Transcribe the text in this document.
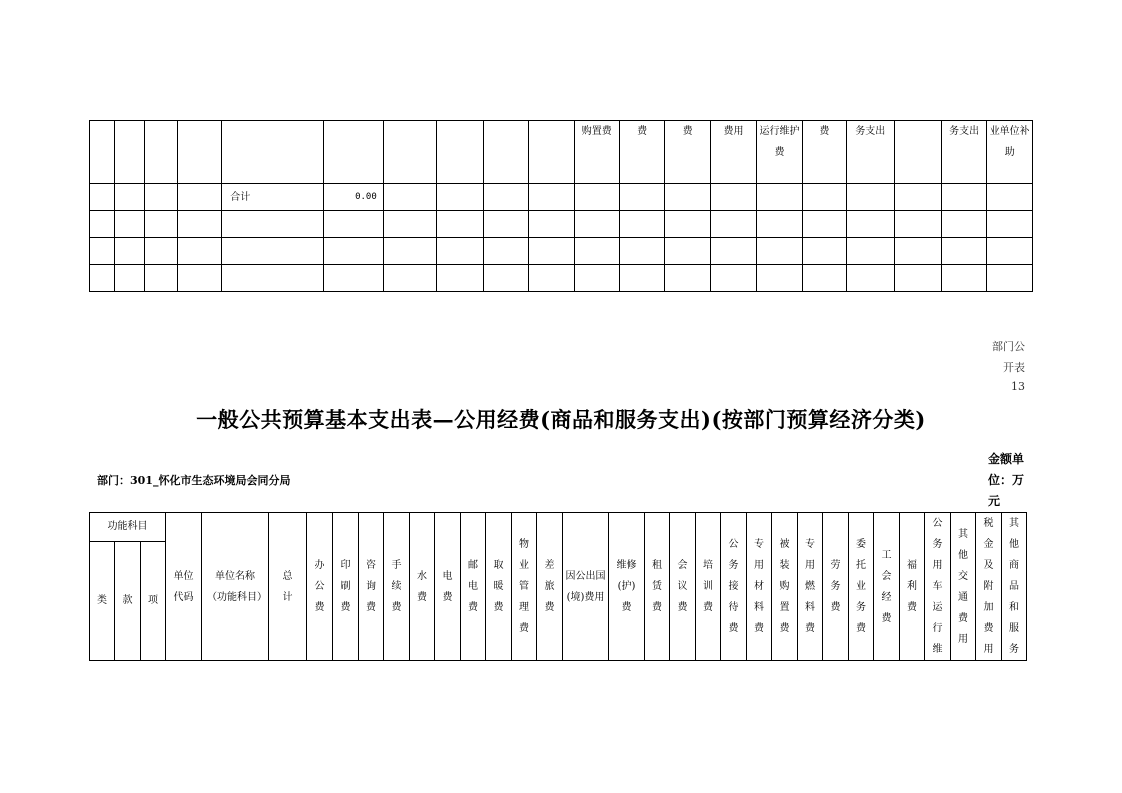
										购置费	费	费	费用	运行维护费	费	务支出		务支出	业单位补助
				合计	0.00														

部门公
开表
13
一般公共预算基本支出表—公用经费(商品和服务支出)(按部门预算经济分类)
部门：301_怀化市生态环境局会同分局
金额单位：万元
功能科目			单位代码	单位名称（功能科目）	总计	办公费	印刷费	咨询费	手续费	水费	电费	邮电费	取暖费	物业管理费	差旅费	因公出国(境)费用	维修(护)费	租赁费	会议费	培训费	公务接待费	专用材料费	被装购置费	专用燃料费	劳务费	委托业务费	工会经费	福利费	公务用车运行维	其他交通费用	税金及附加费用	其他商品和服务
类	款	项																														
